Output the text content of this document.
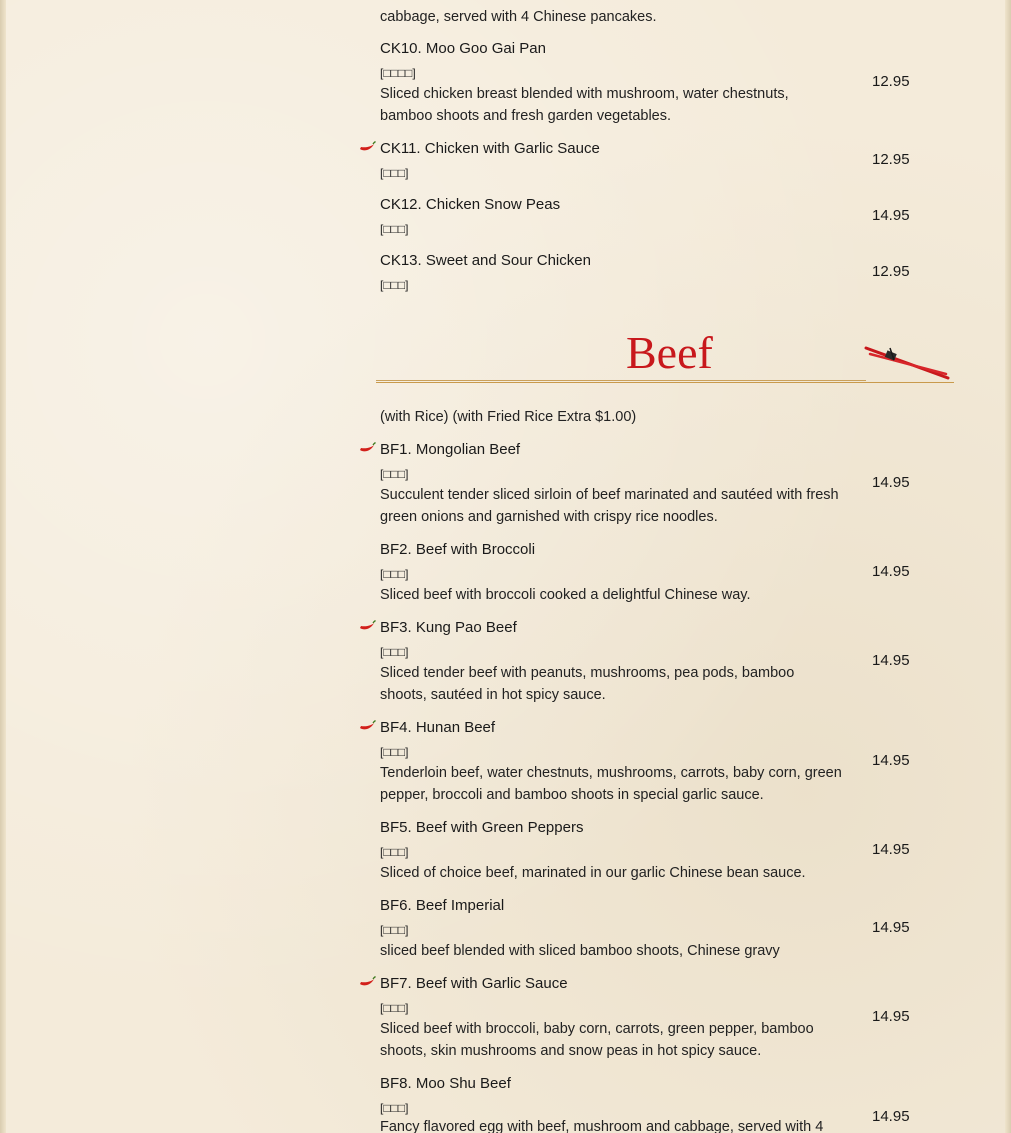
cabbage, served with 4 Chinese pancakes.
CK10. Moo Goo Gai Pan
[□□□□]
Sliced chicken breast blended with mushroom, water chestnuts, bamboo shoots and fresh garden vegetables.
12.95
CK11. Chicken with Garlic Sauce
[□□□]
12.95
CK12. Chicken Snow Peas
[□□□]
14.95
CK13. Sweet and Sour Chicken
[□□□]
12.95
Beef
(with Rice) (with Fried Rice Extra $1.00)
BF1. Mongolian Beef
[□□□]
Succulent tender sliced sirloin of beef marinated and sautéed with fresh green onions and garnished with crispy rice noodles.
14.95
BF2. Beef with Broccoli
[□□□]
Sliced beef with broccoli cooked a delightful Chinese way.
14.95
BF3. Kung Pao Beef
[□□□]
Sliced tender beef with peanuts, mushrooms, pea pods, bamboo shoots, sautéed in hot spicy sauce.
14.95
BF4. Hunan Beef
[□□□]
Tenderloin beef, water chestnuts, mushrooms, carrots, baby corn, green pepper, broccoli and bamboo shoots in special garlic sauce.
14.95
BF5. Beef with Green Peppers
[□□□]
Sliced of choice beef, marinated in our garlic Chinese bean sauce.
14.95
BF6. Beef Imperial
[□□□]
sliced beef blended with sliced bamboo shoots, Chinese gravy
14.95
BF7. Beef with Garlic Sauce
[□□□]
Sliced beef with broccoli, baby corn, carrots, green pepper, bamboo shoots, skin mushrooms and snow peas in hot spicy sauce.
14.95
BF8. Moo Shu Beef
[□□□]
Fancy flavored egg with beef, mushroom and cabbage, served with 4
14.95
